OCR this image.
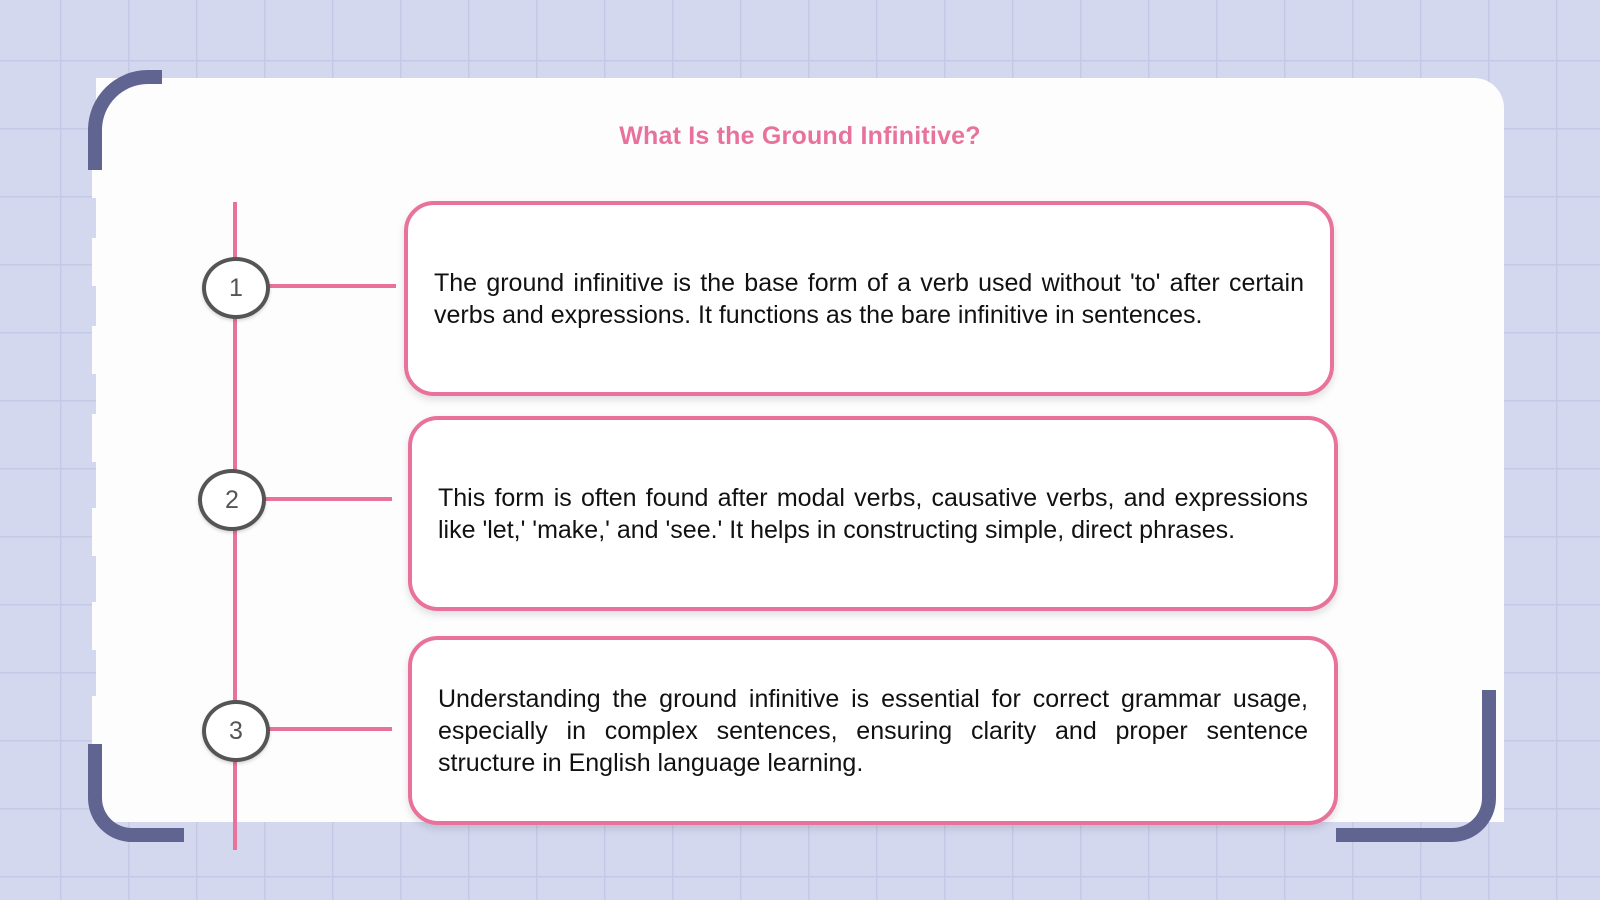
What Is the Ground Infinitive?
1
2
3

The ground infinitive is the base form of a verb used without 'to' after certain verbs and expressions. It functions as the bare infinitive in sentences.

This form is often found after modal verbs, causative verbs, and expressions like 'let,' 'make,' and 'see.' It helps in constructing simple, direct phrases.

Understanding the ground infinitive is essential for correct grammar usage, especially in complex sentences, ensuring clarity and proper sentence structure in English language learning.
